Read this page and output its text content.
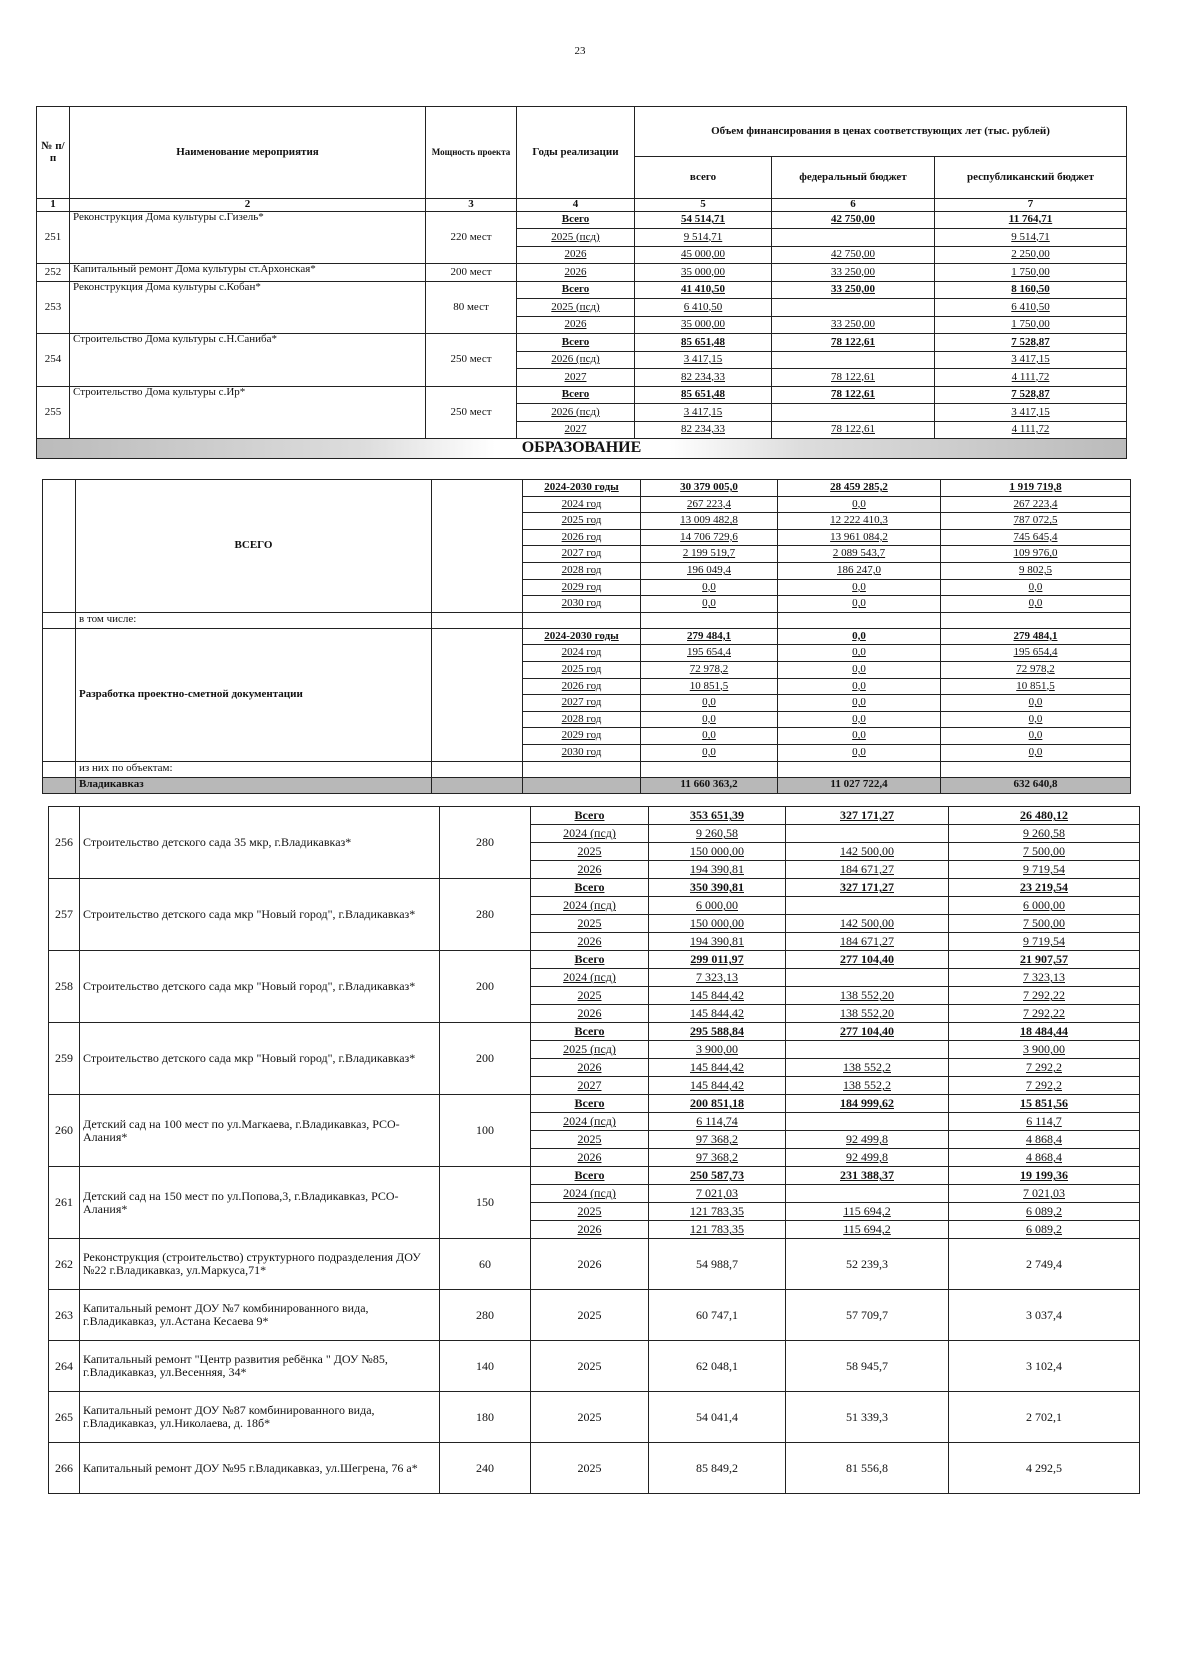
23
№ п/п	Наименование мероприятия	Мощность проекта	Годы реализации	Объем финансирования в ценах соответствующих лет (тыс. рублей)		
				всего	федеральный бюджет	республиканский бюджет
1	2	3	4	5	6	7
251	Реконструкция Дома культуры с.Гизель*	220 мест	Всего	54 514,71	42 750,00	11 764,71
			2025 (псд)	9 514,71		9 514,71
			2026	45 000,00	42 750,00	2 250,00
252	Капитальный ремонт Дома культуры ст.Архонская*	200 мест	2026	35 000,00	33 250,00	1 750,00
253	Реконструкция Дома культуры с.Кобан*	80 мест	Всего	41 410,50	33 250,00	8 160,50
			2025 (псд)	6 410,50		6 410,50
			2026	35 000,00	33 250,00	1 750,00
254	Строительство Дома культуры с.Н.Саниба*	250 мест	Всего	85 651,48	78 122,61	7 528,87
			2026 (псд)	3 417,15		3 417,15
			2027	82 234,33	78 122,61	4 111,72
255	Строительство Дома культуры с.Ир*	250 мест	Всего	85 651,48	78 122,61	7 528,87
			2026 (псд)	3 417,15		3 417,15
			2027	82 234,33	78 122,61	4 111,72
ОБРАЗОВАНИЕ						
	ВСЕГО		2024-2030 годы	30 379 005,0	28 459 285,2	1 919 719,8
			2024 год	267 223,4	0,0	267 223,4
			2025 год	13 009 482,8	12 222 410,3	787 072,5
			2026 год	14 706 729,6	13 961 084,2	745 645,4
			2027 год	2 199 519,7	2 089 543,7	109 976,0
			2028 год	196 049,4	186 247,0	9 802,5
			2029 год	0,0	0,0	0,0
			2030 год	0,0	0,0	0,0
	в том числе:					
	Разработка проектно-сметной документации		2024-2030 годы	279 484,1	0,0	279 484,1
			2024 год	195 654,4	0,0	195 654,4
			2025 год	72 978,2	0,0	72 978,2
			2026 год	10 851,5	0,0	10 851,5
			2027 год	0,0	0,0	0,0
			2028 год	0,0	0,0	0,0
			2029 год	0,0	0,0	0,0
			2030 год	0,0	0,0	0,0
	из них по объектам:					
	Владикавказ			11 660 363,2	11 027 722,4	632 640,8
256	Строительство детского сада 35 мкр, г.Владикавказ*	280	Всего	353 651,39	327 171,27	26 480,12
			2024 (псд)	9 260,58		9 260,58
			2025	150 000,00	142 500,00	7 500,00
			2026	194 390,81	184 671,27	9 719,54
257	Строительство детского сада мкр "Новый город", г.Владикавказ*	280	Всего	350 390,81	327 171,27	23 219,54
			2024 (псд)	6 000,00		6 000,00
			2025	150 000,00	142 500,00	7 500,00
			2026	194 390,81	184 671,27	9 719,54
258	Строительство детского сада мкр "Новый город", г.Владикавказ*	200	Всего	299 011,97	277 104,40	21 907,57
			2024 (псд)	7 323,13		7 323,13
			2025	145 844,42	138 552,20	7 292,22
			2026	145 844,42	138 552,20	7 292,22
259	Строительство детского сада мкр "Новый город", г.Владикавказ*	200	Всего	295 588,84	277 104,40	18 484,44
			2025 (псд)	3 900,00		3 900,00
			2026	145 844,42	138 552,2	7 292,2
			2027	145 844,42	138 552,2	7 292,2
260	Детский сад на 100 мест по ул.Магкаева, г.Владикавказ, РСО-Алания*	100	Всего	200 851,18	184 999,62	15 851,56
			2024 (псд)	6 114,74		6 114,7
			2025	97 368,2	92 499,8	4 868,4
			2026	97 368,2	92 499,8	4 868,4
261	Детский сад на 150 мест по ул.Попова,3, г.Владикавказ, РСО-Алания*	150	Всего	250 587,73	231 388,37	19 199,36
			2024 (псд)	7 021,03		7 021,03
			2025	121 783,35	115 694,2	6 089,2
			2026	121 783,35	115 694,2	6 089,2
262	Реконструкция (строительство) структурного подразделения ДОУ №22 г.Владикавказ, ул.Маркуса,71*	60	2026	54 988,7	52 239,3	2 749,4
263	Капитальный ремонт ДОУ №7 комбинированного вида, г.Владикавказ, ул.Астана Кесаева 9*	280	2025	60 747,1	57 709,7	3 037,4
264	Капитальный ремонт "Центр развития ребёнка " ДОУ №85, г.Владикавказ, ул.Весенняя, 34*	140	2025	62 048,1	58 945,7	3 102,4
265	Капитальный ремонт ДОУ №87 комбинированного вида, г.Владикавказ, ул.Николаева, д. 18б*	180	2025	54 041,4	51 339,3	2 702,1
266	Капитальный ремонт ДОУ №95 г.Владикавказ, ул.Шегрена, 76 а*	240	2025	85 849,2	81 556,8	4 292,5
